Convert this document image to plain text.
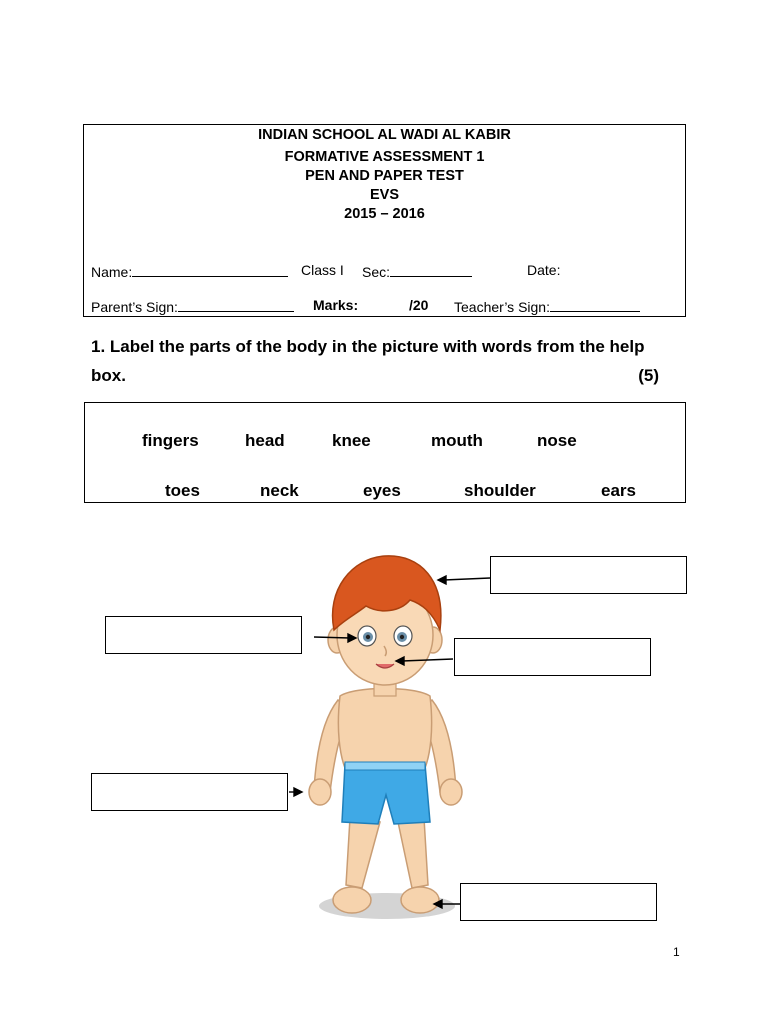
INDIAN SCHOOL AL WADI AL KABIR
FORMATIVE ASSESSMENT 1
PEN AND PAPER TEST
EVS
2015 – 2016
Name:	Class I Sec:	Date:
Parent’s Sign:	Marks:	/20 Teacher’s Sign:
1. Label the parts of the body in the picture with words from the help
box.	(5)
fingers	head	knee	mouth	nose
toes	neck	eyes	shoulder	ears
1
